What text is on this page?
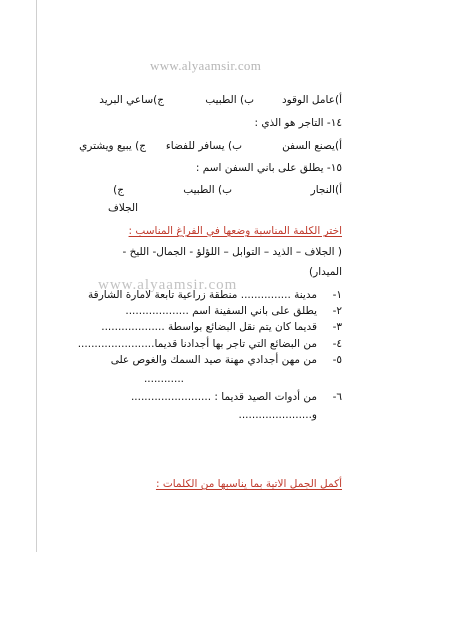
www.alyaamsir.com
أ)عامل الوقود
ب) الطبيب
ج)ساعي البريد
١٤- التاجر هو الذي :
أ)يصنع السفن
ب) يسافر للفضاء
ج) يبيع ويشتري
١٥- يطلق على باني السفن اسم :
أ)النجار
ب) الطبيب
ج)
الجلاف
اختر الكلمة المناسبة وضعها في الفراغ المناسب :
( الجلاف – الذيد – التوابل – اللؤلؤ - الجمال- الليخ -
الميدار)
١-
مدينة ............... منطقة زراعية تابعة لامارة الشارقة
٢-
يطلق على باني السفينة اسم ...................
www.alyaamsir.com
٣-
قديما كان يتم نقل البضائع بواسطة ...................
٤-
من البضائع التي تاجر بها أجدادنا قديما.......................
٥-
من مهن أجدادي مهنة صيد السمك والغوص على
............
٦-
من أدوات الصيد قديما : ........................
و......................
أكمل الجمل الاتية بما يناسبها من الكلمات :
